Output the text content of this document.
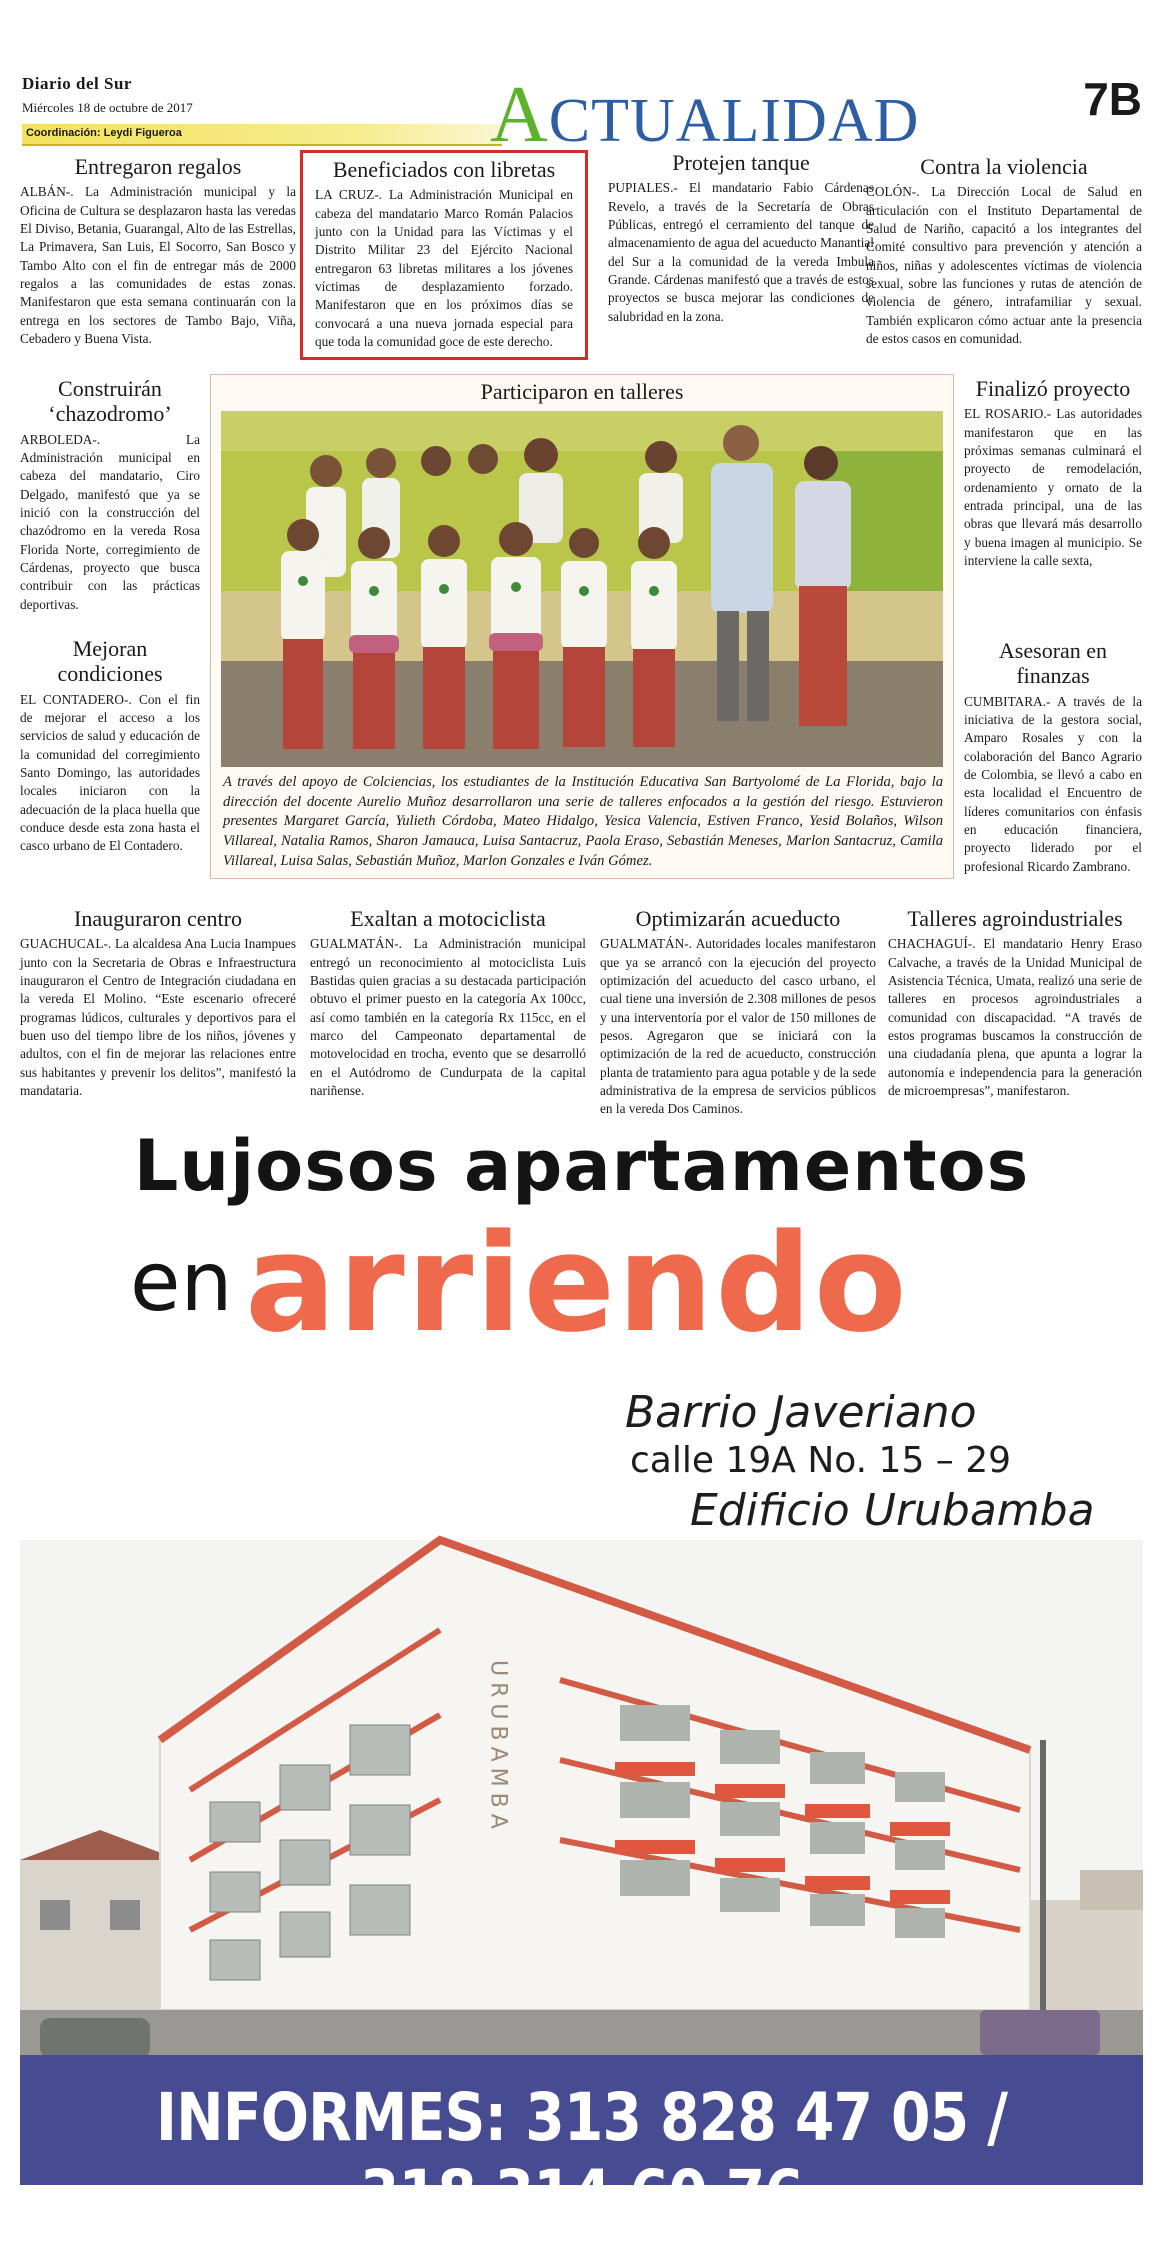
Diario del Sur
Miércoles 18 de octubre de 2017
Coordinación: Leydi Figueroa	ACTUALIDAD	7B
Entregaron regalos
ALBÁN-. La Administración municipal y la Oficina de Cultura se desplazaron hasta las veredas El Diviso, Betania, Guarangal, Alto de las Estrellas, La Primavera, San Luis, El Socorro, San Bosco y Tambo Alto con el fin de entregar más de 2000 regalos a las comunidades de estas zonas. Manifestaron que esta semana continuarán con la entrega en los sectores de Tambo Bajo, Viña, Cebadero y Buena Vista.
Beneficiados con libretas
LA CRUZ-. La Administración Municipal en cabeza del mandatario Marco Román Palacios junto con la Unidad para las Víctimas y el Distrito Militar 23 del Ejército Nacional entregaron 63 libretas militares a los jóvenes víctimas de desplazamiento forzado. Manifestaron que en los próximos días se convocará a una nueva jornada especial para que toda la comunidad goce de este derecho.
Protejen tanque
PUPIALES.- El mandatario Fabio Cárdenas Revelo, a través de la Secretaría de Obras Públicas, entregó el cerramiento del tanque de almacenamiento de agua del acueducto Manantial del Sur a la comunidad de la vereda Imbula Grande. Cárdenas manifestó que a través de estos proyectos se busca mejorar las condiciones de salubridad en la zona.
Contra la violencia
COLÓN-. La Dirección Local de Salud en articulación con el Instituto Departamental de Salud de Nariño, capacitó a los integrantes del Comité consultivo para prevención y atención a niños, niñas y adolescentes víctimas de violencia sexual, sobre las funciones y rutas de atención de violencia de género, intrafamiliar y sexual. También explicaron cómo actuar ante la presencia de estos casos en comunidad.
Construirán ‘chazodromo’
ARBOLEDA-. La Administración municipal en cabeza del mandatario, Ciro Delgado, manifestó que ya se inició con la construcción del chazódromo en la vereda Rosa Florida Norte, corregimiento de Cárdenas, proyecto que busca contribuir con las prácticas deportivas.
Mejoran condiciones
EL CONTADERO-. Con el fin de mejorar el acceso a los servicios de salud y educación de la comunidad del corregimiento Santo Domingo, las autoridades locales iniciaron con la adecuación de la placa huella que conduce desde esta zona hasta el casco urbano de El Contadero.
Participaron en talleres
A través del apoyo de Colciencias, los estudiantes de la Institución Educativa San Bartyolomé de La Florida, bajo la dirección del docente Aurelio Muñoz desarrollaron una serie de talleres enfocados a la gestión del riesgo. Estuvieron presentes Margaret García, Yulieth Córdoba, Mateo Hidalgo, Yesica Valencia, Estiven Franco, Yesid Bolaños, Wilson Villareal, Natalia Ramos, Sharon Jamauca, Luisa Santacruz, Paola Eraso, Sebastián Meneses, Marlon Santacruz, Camila Villareal, Luisa Salas, Sebastián Muñoz, Marlon Gonzales e Iván Gómez.
Finalizó proyecto
EL ROSARIO.- Las autoridades manifestaron que en las próximas semanas culminará el proyecto de remodelación, ordenamiento y ornato de la entrada principal, una de las obras que llevará más desarrollo y buena imagen al municipio. Se interviene la calle sexta,
Asesoran en finanzas
CUMBITARA.- A través de la iniciativa de la gestora social, Amparo Rosales y con la colaboración del Banco Agrario de Colombia, se llevó a cabo en esta localidad el Encuentro de líderes comunitarios con énfasis en educación financiera, proyecto liderado por el profesional Ricardo Zambrano.
Inauguraron centro
GUACHUCAL-. La alcaldesa Ana Lucia Inampues junto con la Secretaria de Obras e Infraestructura inauguraron el Centro de Integración ciudadana en la vereda El Molino. “Este escenario ofreceré programas lúdicos, culturales y deportivos para el buen uso del tiempo libre de los niños, jóvenes y adultos, con el fin de mejorar las relaciones entre sus habitantes y prevenir los delitos”, manifestó la mandataria.
Exaltan a motociclista
GUALMATÁN-. La Administración municipal entregó un reconocimiento al motociclista Luis Bastidas quien gracias a su destacada participación obtuvo el primer puesto en la categoría Ax 100cc, así como también en la categoría Rx 115cc, en el marco del Campeonato departamental de motovelocidad en trocha, evento que se desarrolló en el Autódromo de Cundurpata de la capital nariñense.
Optimizarán acueducto
GUALMATÁN-. Autoridades locales manifestaron que ya se arrancó con la ejecución del proyecto optimización del acueducto del casco urbano, el cual tiene una inversión de 2.308 millones de pesos y una interventoría por el valor de 150 millones de pesos. Agregaron que se iniciará con la optimización de la red de acueducto, construcción planta de tratamiento para agua potable y de la sede administrativa de la empresa de servicios públicos en la vereda Dos Caminos.
Talleres agroindustriales
CHACHAGUÍ-. El mandatario Henry Eraso Calvache, a través de la Unidad Municipal de Asistencia Técnica, Umata, realizó una serie de talleres en procesos agroindustriales a comunidad con discapacidad. “A través de estos programas buscamos la construcción de una ciudadanía plena, que apunta a lograr la autonomía e independencia para la generación de microempresas”, manifestaron.
Lujosos apartamentos
en arriendo
Barrio Javeriano
calle 19A No. 15 – 29
Edificio Urubamba
URUBAMBA
INFORMES: 313 828 47 05 / 318 314 60 76
